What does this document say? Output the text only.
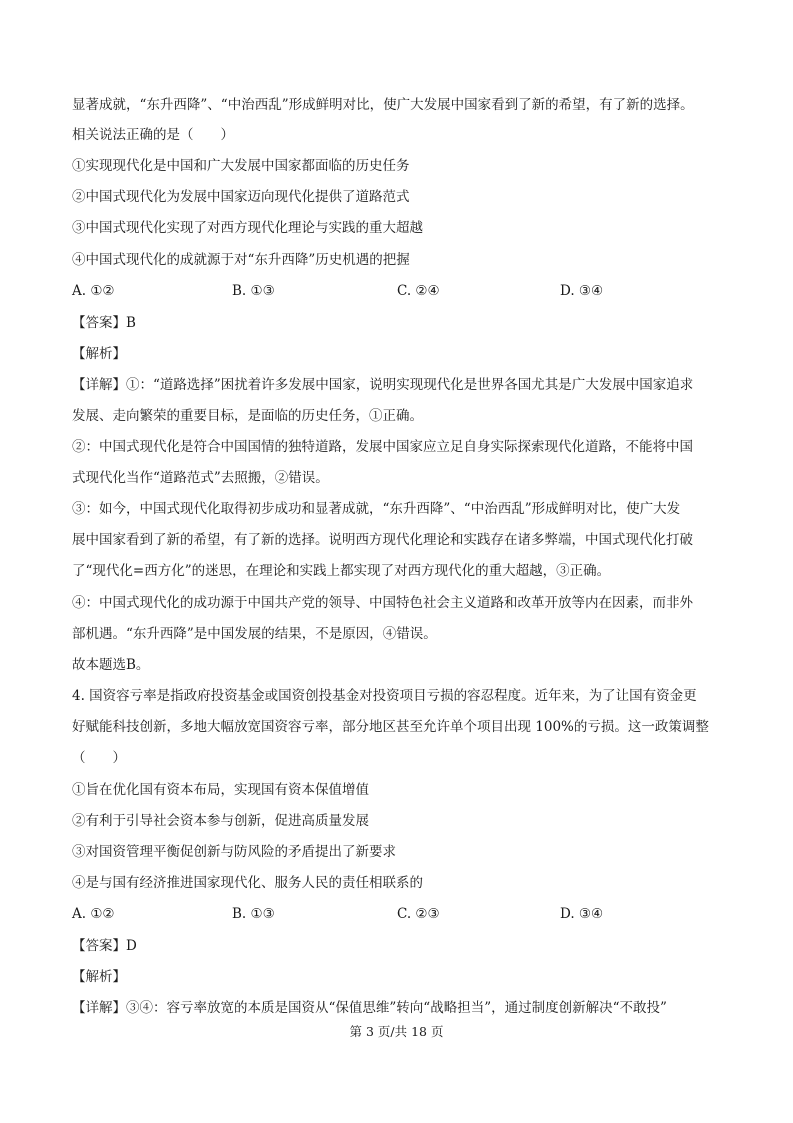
显著成就，“东升西降”、“中治西乱”形成鲜明对比，使广大发展中国家看到了新的希望，有了新的选择。
相关说法正确的是（　　）
①实现现代化是中国和广大发展中国家都面临的历史任务
②中国式现代化为发展中国家迈向现代化提供了道路范式
③中国式现代化实现了对西方现代化理论与实践的重大超越
④中国式现代化的成就源于对“东升西降”历史机遇的把握
A. ①②	B. ①③	C. ②④	D. ③④
【答案】B
【解析】
【详解】①：“道路选择”困扰着许多发展中国家，说明实现现代化是世界各国尤其是广大发展中国家追求
发展、走向繁荣的重要目标，是面临的历史任务，①正确。
②：中国式现代化是符合中国国情的独特道路，发展中国家应立足自身实际探索现代化道路，不能将中国
式现代化当作“道路范式”去照搬，②错误。
③：如今，中国式现代化取得初步成功和显著成就，“东升西降”、“中治西乱”形成鲜明对比，使广大发
展中国家看到了新的希望，有了新的选择。说明西方现代化理论和实践存在诸多弊端，中国式现代化打破
了“现代化=西方化”的迷思，在理论和实践上都实现了对西方现代化的重大超越，③正确。
④：中国式现代化的成功源于中国共产党的领导、中国特色社会主义道路和改革开放等内在因素，而非外
部机遇。“东升西降”是中国发展的结果，不是原因，④错误。
故本题选B。
4. 国资容亏率是指政府投资基金或国资创投基金对投资项目亏损的容忍程度。近年来，为了让国有资金更
好赋能科技创新，多地大幅放宽国资容亏率，部分地区甚至允许单个项目出现 100%的亏损。这一政策调整
（　　）
①旨在优化国有资本布局，实现国有资本保值增值
②有利于引导社会资本参与创新，促进高质量发展
③对国资管理平衡促创新与防风险的矛盾提出了新要求
④是与国有经济推进国家现代化、服务人民的责任相联系的
A. ①②	B. ①③	C. ②③	D. ③④
【答案】D
【解析】
【详解】③④：容亏率放宽的本质是国资从“保值思维”转向“战略担当”，通过制度创新解决“不敢投”
第 3 页/共 18 页
